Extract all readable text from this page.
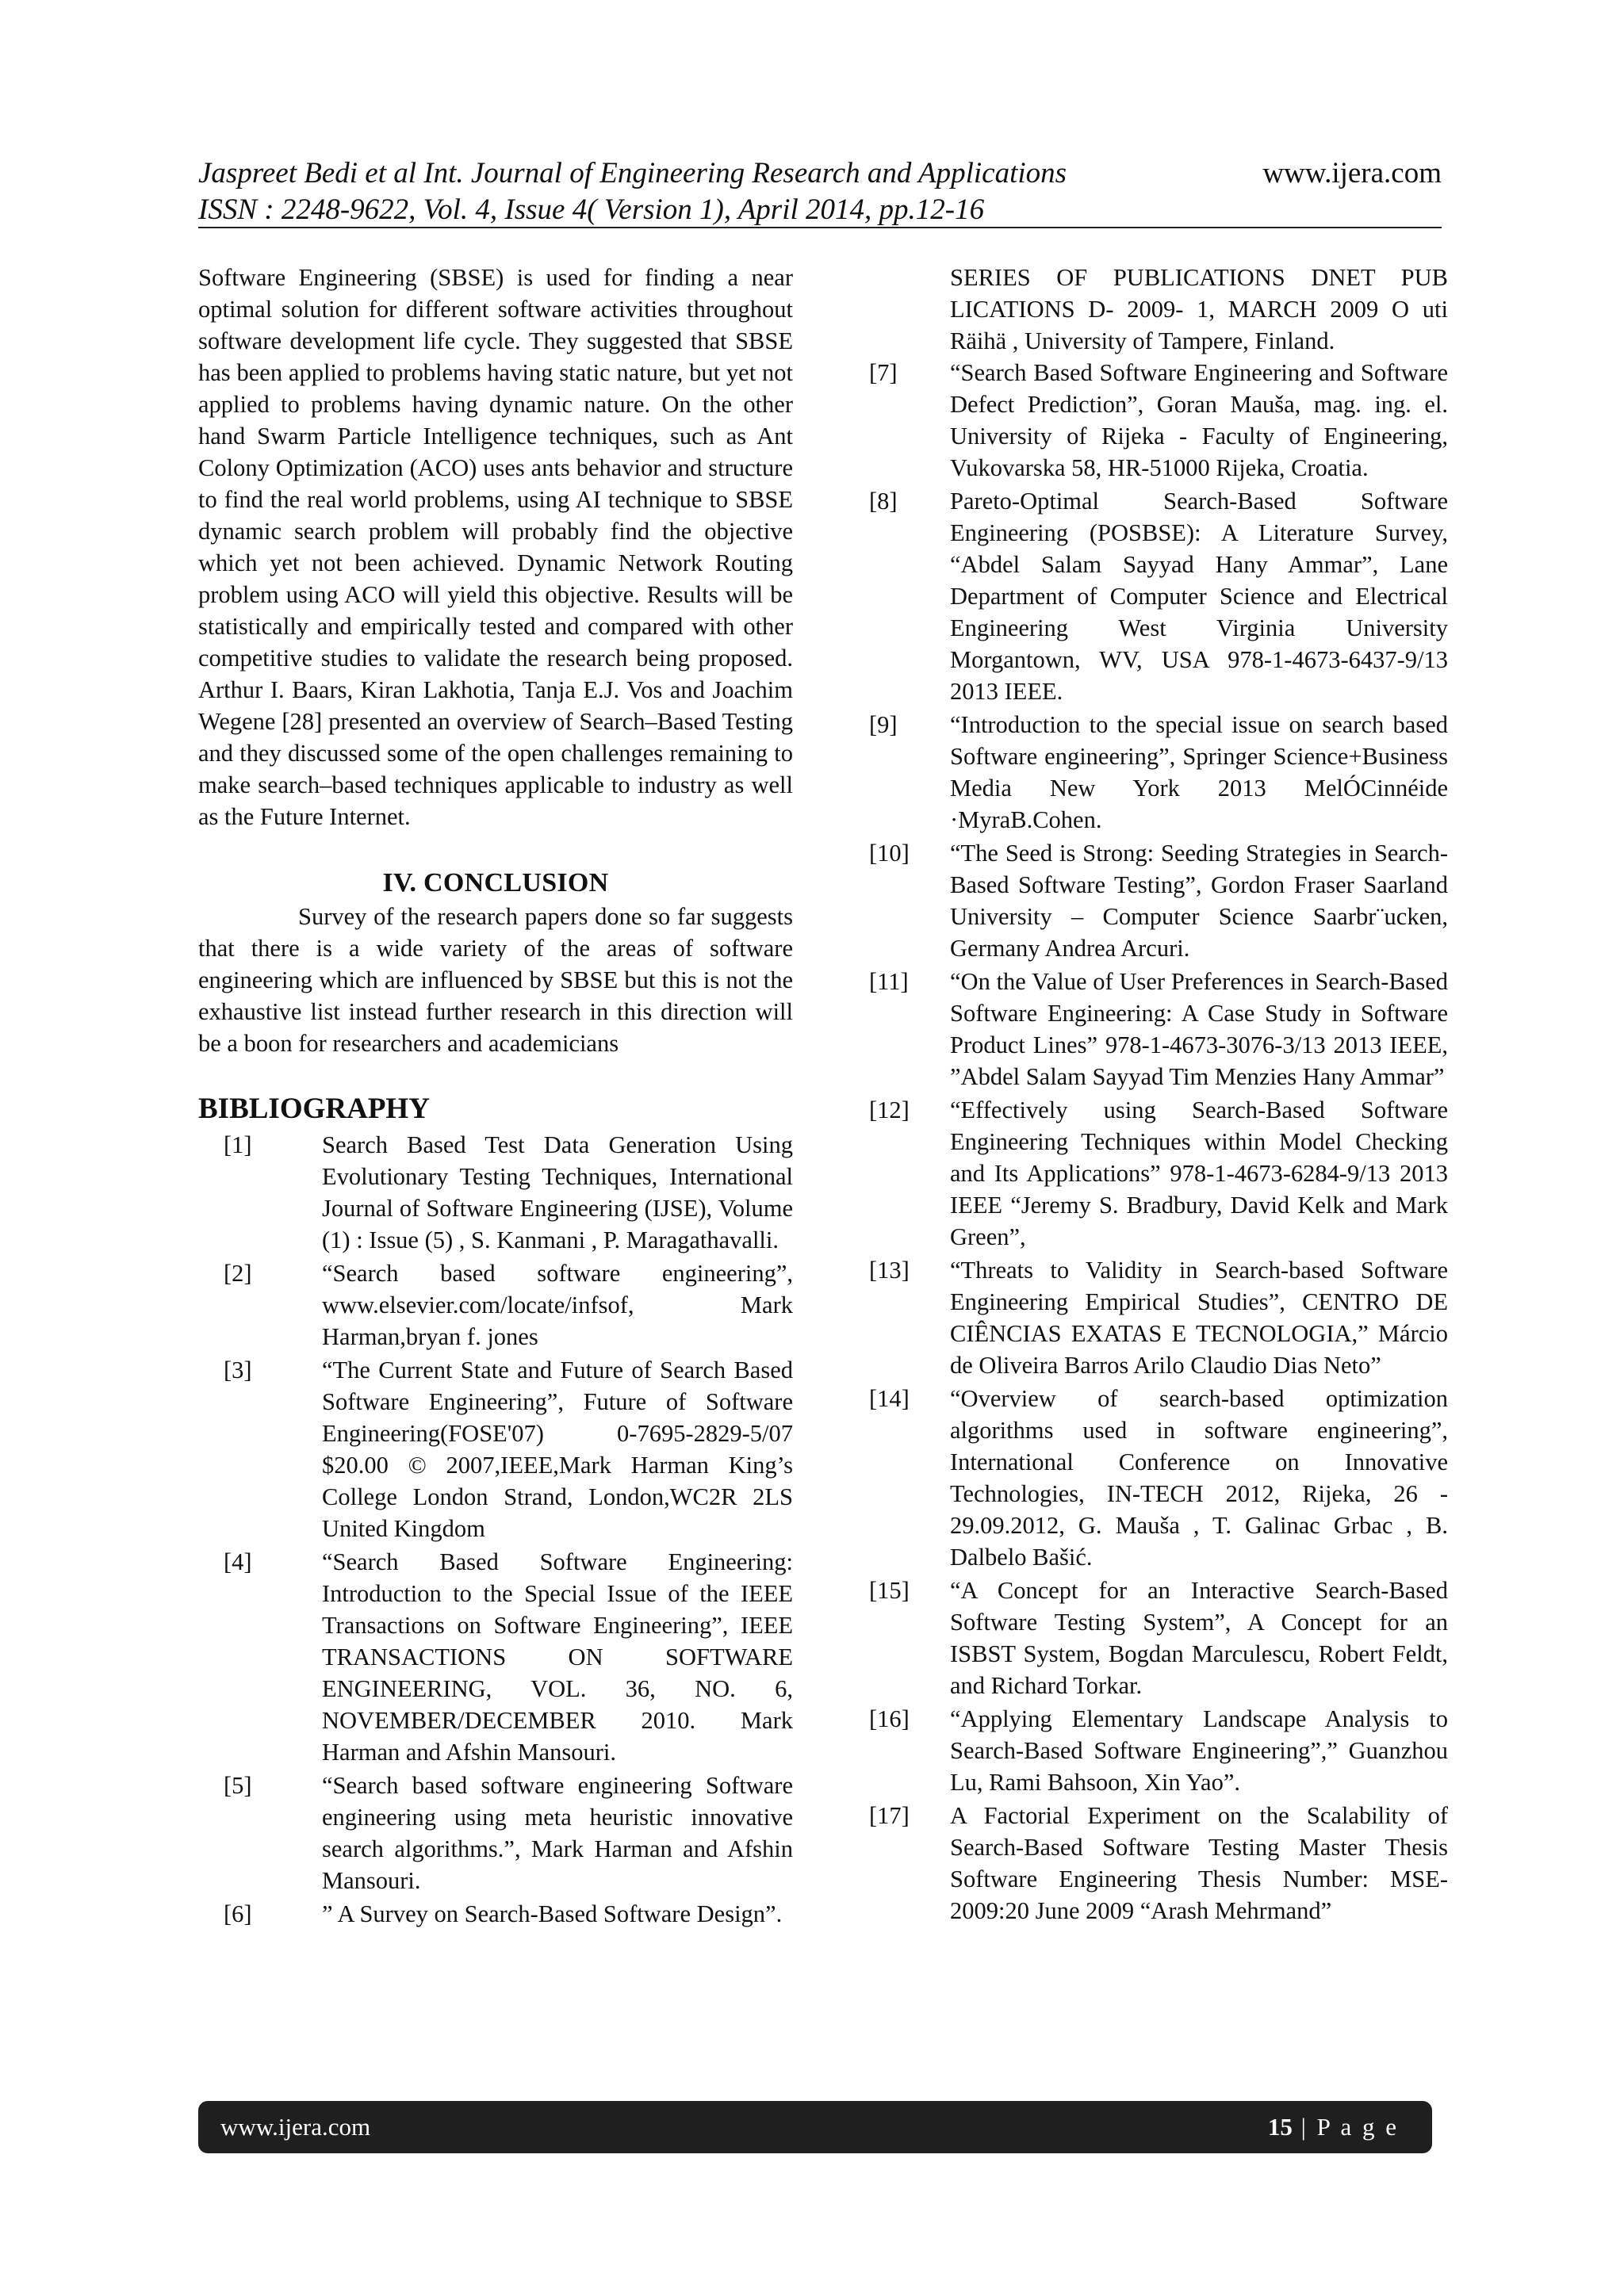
Jaspreet Bedi et al Int. Journal of Engineering Research and Applications	www.ijera.com
ISSN : 2248-9622, Vol. 4, Issue 4( Version 1), April 2014, pp.12-16

Software Engineering (SBSE) is used for finding a near optimal solution for different software activities throughout software development life cycle. They suggested that SBSE has been applied to problems having static nature, but yet not applied to problems having dynamic nature. On the other hand Swarm Particle Intelligence techniques, such as Ant Colony Optimization (ACO) uses ants behavior and structure to find the real world problems, using AI technique to SBSE dynamic search problem will probably find the objective which yet not been achieved. Dynamic Network Routing problem using ACO will yield this objective. Results will be statistically and empirically tested and compared with other competitive studies to validate the research being proposed. Arthur I. Baars, Kiran Lakhotia, Tanja E.J. Vos and Joachim Wegene [28] presented an overview of Search–Based Testing and they discussed some of the open challenges remaining to make search–based techniques applicable to industry as well as the Future Internet.

IV. CONCLUSION

Survey of the research papers done so far suggests that there is a wide variety of the areas of software engineering which are influenced by SBSE but this is not the exhaustive list instead further research in this direction will be a boon for researchers and academicians

BIBLIOGRAPHY
[1]	Search Based Test Data Generation Using Evolutionary Testing Techniques, International Journal of Software Engineering (IJSE), Volume (1) : Issue (5) , S. Kanmani , P. Maragathavalli.
[2]	“Search based software engineering”, www.elsevier.com/locate/infsof, Mark Harman,bryan f. jones
[3]	“The Current State and Future of Search Based Software Engineering”, Future of Software Engineering(FOSE'07) 0-7695-2829-5/07 $20.00 © 2007,IEEE,Mark Harman King’s College London Strand, London,WC2R 2LS United Kingdom
[4]	“Search Based Software Engineering: Introduction to the Special Issue of the IEEE Transactions on Software Engineering”, IEEE TRANSACTIONS ON SOFTWARE ENGINEERING, VOL. 36, NO. 6, NOVEMBER/DECEMBER 2010. Mark Harman and Afshin Mansouri.
[5]	“Search based software engineering Software engineering using meta heuristic innovative search algorithms.”, Mark Harman and Afshin Mansouri.
[6]	” A Survey on Search-Based Software Design”.
SERIES OF PUBLICATIONS DNET PUB LICATIONS D- 2009- 1, MARCH 2009 O uti Räihä , University of Tampere, Finland.
[7]	“Search Based Software Engineering and Software Defect Prediction”, Goran Mauša, mag. ing. el. University of Rijeka - Faculty of Engineering, Vukovarska 58, HR-51000 Rijeka, Croatia.
[8]	Pareto-Optimal Search-Based Software Engineering (POSBSE): A Literature Survey, “Abdel Salam Sayyad Hany Ammar”, Lane Department of Computer Science and Electrical Engineering West Virginia University Morgantown, WV, USA 978-1-4673-6437-9/13 2013 IEEE.
[9]	“Introduction to the special issue on search based Software engineering”, Springer Science+Business Media New York 2013 MelÓCinnéide ·MyraB.Cohen.
[10]	“The Seed is Strong: Seeding Strategies in Search-Based Software Testing”, Gordon Fraser Saarland University – Computer Science Saarbr¨ucken, Germany Andrea Arcuri.
[11]	“On the Value of User Preferences in Search-Based Software Engineering: A Case Study in Software Product Lines” 978-1-4673-3076-3/13 2013 IEEE, ”Abdel Salam Sayyad Tim Menzies Hany Ammar”
[12]	“Effectively using Search-Based Software Engineering Techniques within Model Checking and Its Applications” 978-1-4673-6284-9/13 2013 IEEE “Jeremy S. Bradbury, David Kelk and Mark Green”,
[13]	“Threats to Validity in Search-based Software Engineering Empirical Studies”, CENTRO DE CIÊNCIAS EXATAS E TECNOLOGIA,” Márcio de Oliveira Barros Arilo Claudio Dias Neto”
[14]	“Overview of search-based optimization algorithms used in software engineering”, International Conference on Innovative Technologies, IN-TECH 2012, Rijeka, 26 - 29.09.2012, G. Mauša , T. Galinac Grbac , B. Dalbelo Bašić.
[15]	“A Concept for an Interactive Search-Based Software Testing System”, A Concept for an ISBST System, Bogdan Marculescu, Robert Feldt, and Richard Torkar.
[16]	“Applying Elementary Landscape Analysis to Search-Based Software Engineering”,” Guanzhou Lu, Rami Bahsoon, Xin Yao”.
[17]	A Factorial Experiment on the Scalability of Search-Based Software Testing Master Thesis Software Engineering Thesis Number: MSE-2009:20 June 2009 “Arash Mehrmand”
www.ijera.com	15 | P a g e
